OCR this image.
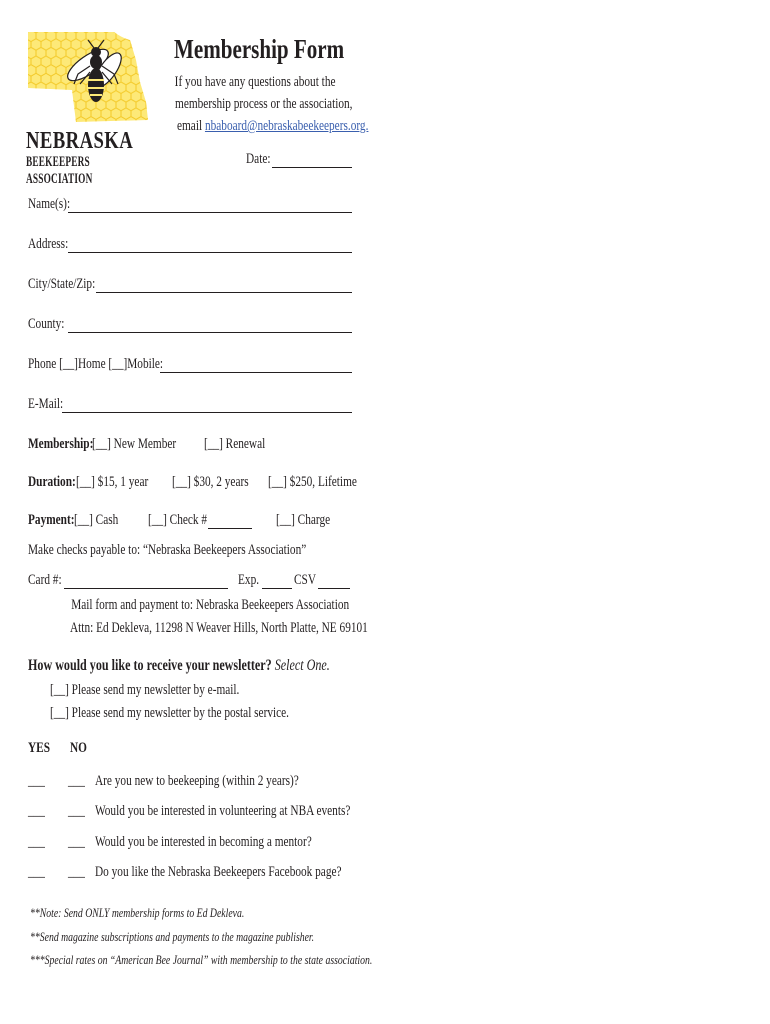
NEBRASKA
BEEKEEPERS ASSOCIATION
Membership Form
If you have any questions about the
membership process or the association,
email nbaboard@nebraskabeekeepers.org.
Date:
Name(s):
Address:
City/State/Zip:
County:
Phone [__]Home [__]Mobile:
E-Mail:
Membership:
[__] New Member	[__] Renewal
Duration: [__] $15, 1 year	[__] $30, 2 years	[__] $250, Lifetime
Payment: [__] Cash	[__] Check #	[__] Charge
Make checks payable to: “Nebraska Beekeepers Association”
Card #:	Exp.	CSV
Mail form and payment to: Nebraska Beekeepers Association
Attn: Ed Dekleva, 11298 N Weaver Hills, North Platte, NE 69101
How would you like to receive your newsletter? Select One.
[__] Please send my newsletter by e-mail.
[__] Please send my newsletter by the postal service.
YES	NO
___	___ Are you new to beekeeping (within 2 years)?
___	___ Would you be interested in volunteering at NBA events?
___	___ Would you be interested in becoming a mentor?
___	___ Do you like the Nebraska Beekeepers Facebook page?
**Note: Send ONLY membership forms to Ed Dekleva.
**Send magazine subscriptions and payments to the magazine publisher.
***Special rates on “American Bee Journal” with membership to the state association.
